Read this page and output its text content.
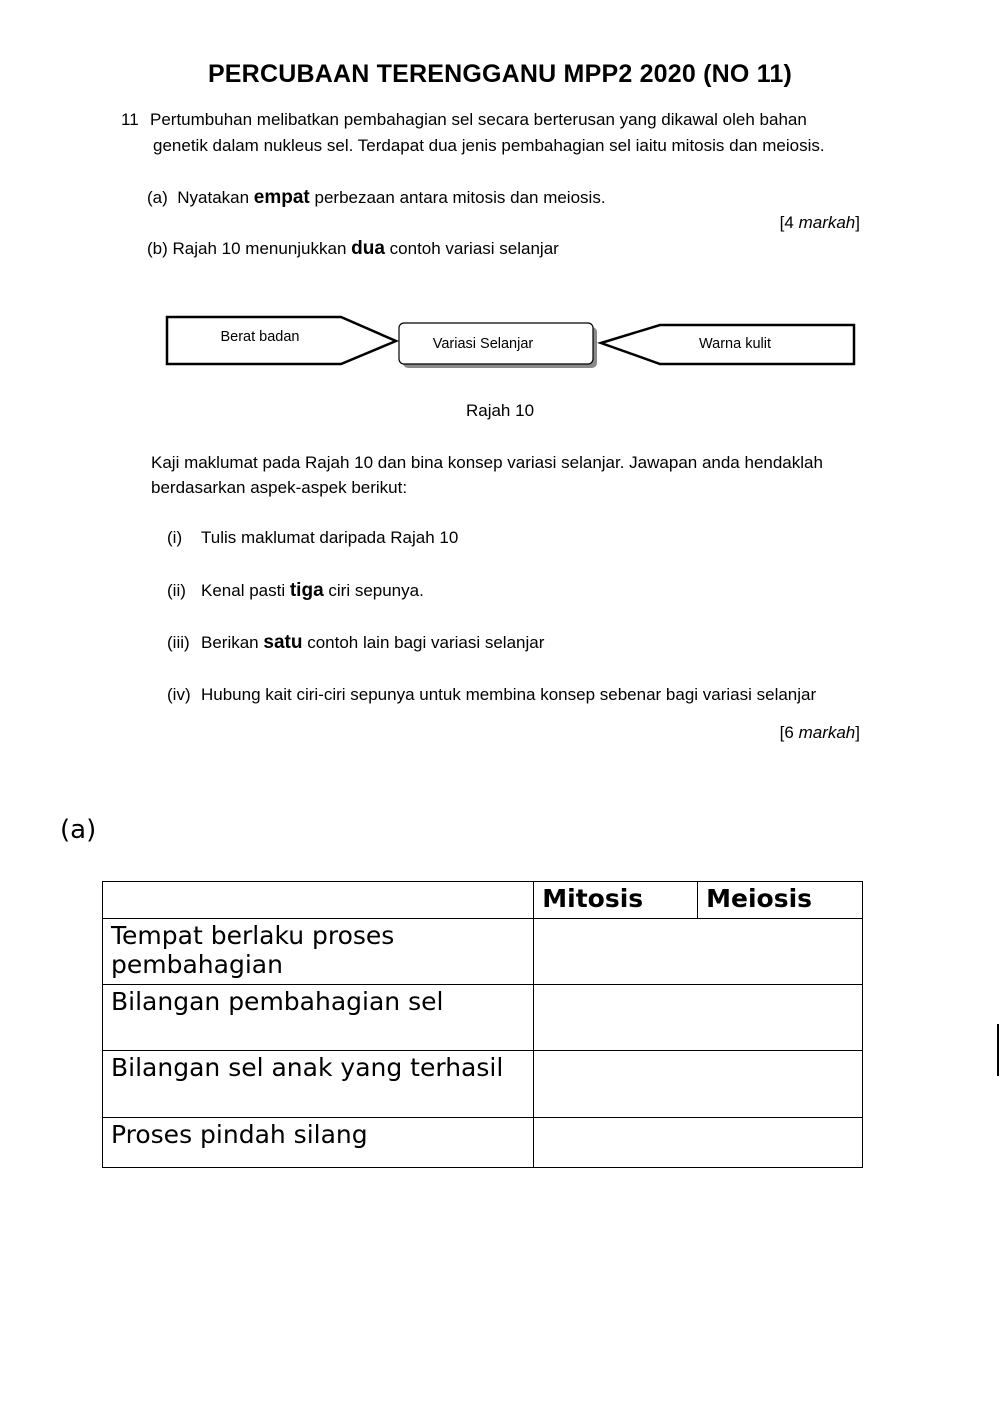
PERCUBAAN TERENGGANU MPP2 2020 (NO 11)
11 Pertumbuhan melibatkan pembahagian sel secara berterusan yang dikawal oleh bahan
genetik dalam nukleus sel. Terdapat dua jenis pembahagian sel iaitu mitosis dan meiosis.
(a) Nyatakan empat perbezaan antara mitosis dan meiosis.
[4 markah]
(b) Rajah 10 menunjukkan dua contoh variasi selanjar
Berat badan	Variasi Selanjar	Warna kulit
Rajah 10
Kaji maklumat pada Rajah 10 dan bina konsep variasi selanjar. Jawapan anda hendaklah
berdasarkan aspek-aspek berikut:
(i) Tulis maklumat daripada Rajah 10
(ii) Kenal pasti tiga ciri sepunya.
(iii) Berikan satu contoh lain bagi variasi selanjar
(iv) Hubung kait ciri-ciri sepunya untuk membina konsep sebenar bagi variasi selanjar
[6 markah]
(a)
	Mitosis	Meiosis
Tempat berlaku proses pembahagian		
Bilangan pembahagian sel		
Bilangan sel anak yang terhasil		
Proses pindah silang		
